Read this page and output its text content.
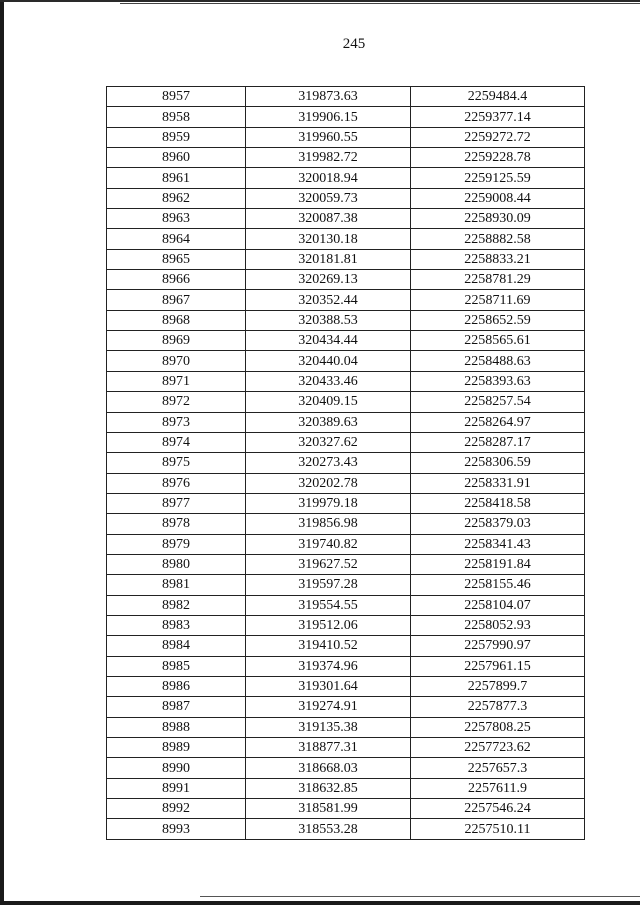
245
8957	319873.63	2259484.4
8958	319906.15	2259377.14
8959	319960.55	2259272.72
8960	319982.72	2259228.78
8961	320018.94	2259125.59
8962	320059.73	2259008.44
8963	320087.38	2258930.09
8964	320130.18	2258882.58
8965	320181.81	2258833.21
8966	320269.13	2258781.29
8967	320352.44	2258711.69
8968	320388.53	2258652.59
8969	320434.44	2258565.61
8970	320440.04	2258488.63
8971	320433.46	2258393.63
8972	320409.15	2258257.54
8973	320389.63	2258264.97
8974	320327.62	2258287.17
8975	320273.43	2258306.59
8976	320202.78	2258331.91
8977	319979.18	2258418.58
8978	319856.98	2258379.03
8979	319740.82	2258341.43
8980	319627.52	2258191.84
8981	319597.28	2258155.46
8982	319554.55	2258104.07
8983	319512.06	2258052.93
8984	319410.52	2257990.97
8985	319374.96	2257961.15
8986	319301.64	2257899.7
8987	319274.91	2257877.3
8988	319135.38	2257808.25
8989	318877.31	2257723.62
8990	318668.03	2257657.3
8991	318632.85	2257611.9
8992	318581.99	2257546.24
8993	318553.28	2257510.11
